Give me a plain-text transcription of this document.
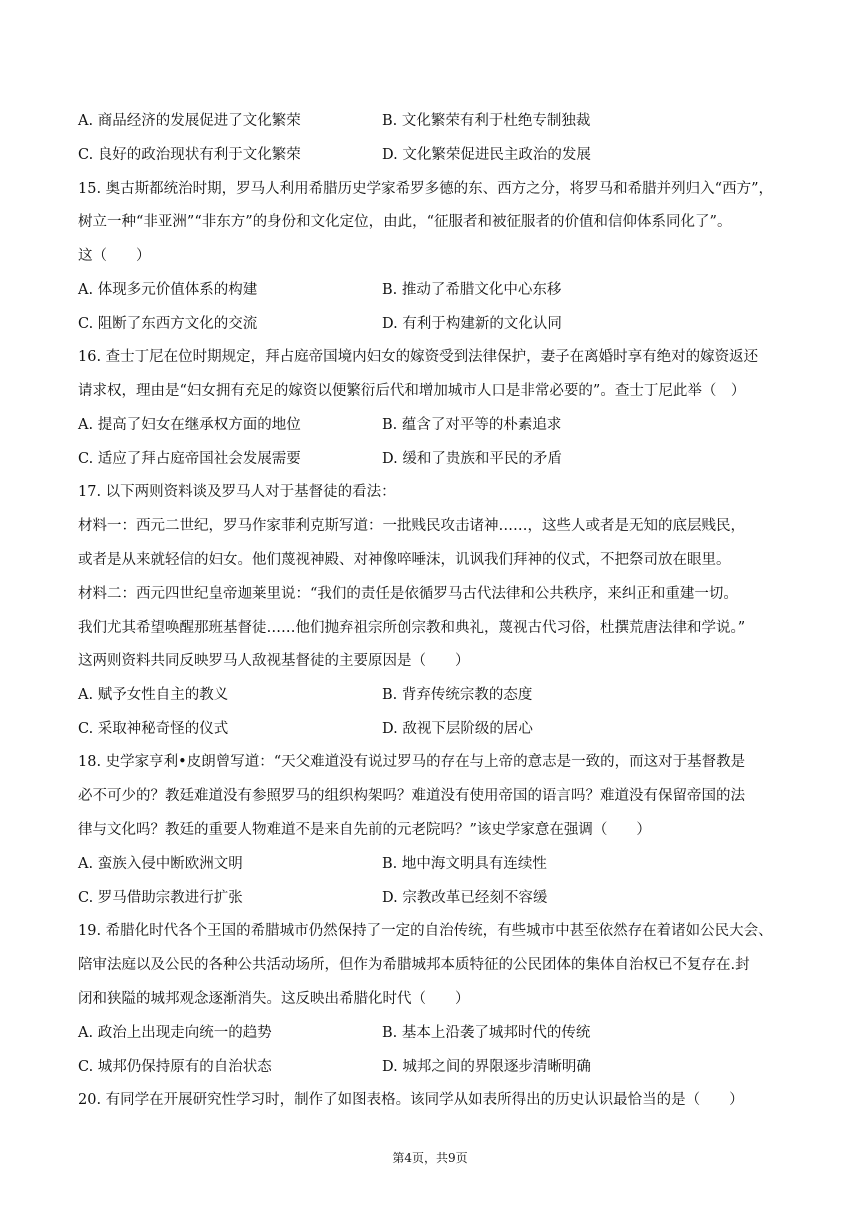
A. 商品经济的发展促进了文化繁荣	B. 文化繁荣有利于杜绝专制独裁
C. 良好的政治现状有利于文化繁荣	D. 文化繁荣促进民主政治的发展
15. 奥古斯都统治时期，罗马人利用希腊历史学家希罗多德的东、西方之分，将罗马和希腊并列归入“西方”，
树立一种“非亚洲”“非东方”的身份和文化定位，由此，“征服者和被征服者的价值和信仰体系同化了”。
这（　　）
A. 体现多元价值体系的构建	B. 推动了希腊文化中心东移
C. 阻断了东西方文化的交流	D. 有利于构建新的文化认同
16. 查士丁尼在位时期规定，拜占庭帝国境内妇女的嫁资受到法律保护，妻子在离婚时享有绝对的嫁资返还
请求权，理由是“妇女拥有充足的嫁资以便繁衍后代和增加城市人口是非常必要的”。查士丁尼此举（　）
A. 提高了妇女在继承权方面的地位	B. 蕴含了对平等的朴素追求
C. 适应了拜占庭帝国社会发展需要	D. 缓和了贵族和平民的矛盾
17. 以下两则资料谈及罗马人对于基督徒的看法：
材料一：西元二世纪，罗马作家菲利克斯写道：一批贱民攻击诸神……，这些人或者是无知的底层贱民，
或者是从来就轻信的妇女。他们蔑视神殿、对神像啐唾沫，讥讽我们拜神的仪式，不把祭司放在眼里。
材料二：西元四世纪皇帝迦莱里说：“我们的责任是依循罗马古代法律和公共秩序，来纠正和重建一切。
我们尤其希望唤醒那班基督徒……他们抛弃祖宗所创宗教和典礼，蔑视古代习俗，杜撰荒唐法律和学说。”
这两则资料共同反映罗马人敌视基督徒的主要原因是（　　）
A. 赋予女性自主的教义	B. 背弃传统宗教的态度
C. 采取神秘奇怪的仪式	D. 敌视下层阶级的居心
18. 史学家亨利•皮朗曾写道：“天父难道没有说过罗马的存在与上帝的意志是一致的，而这对于基督教是
必不可少的？教廷难道没有参照罗马的组织构架吗？难道没有使用帝国的语言吗？难道没有保留帝国的法
律与文化吗？教廷的重要人物难道不是来自先前的元老院吗？”该史学家意在强调（　　）
A. 蛮族入侵中断欧洲文明	B. 地中海文明具有连续性
C. 罗马借助宗教进行扩张	D. 宗教改革已经刻不容缓
19. 希腊化时代各个王国的希腊城市仍然保持了一定的自治传统，有些城市中甚至依然存在着诸如公民大会、
陪审法庭以及公民的各种公共活动场所，但作为希腊城邦本质特征的公民团体的集体自治权已不复存在.封
闭和狭隘的城邦观念逐渐消失。这反映出希腊化时代（　　）
A. 政治上出现走向统一的趋势	B. 基本上沿袭了城邦时代的传统
C. 城邦仍保持原有的自治状态	D. 城邦之间的界限逐步清晰明确
20. 有同学在开展研究性学习时，制作了如图表格。该同学从如表所得出的历史认识最恰当的是（　　）
第4页，共9页
